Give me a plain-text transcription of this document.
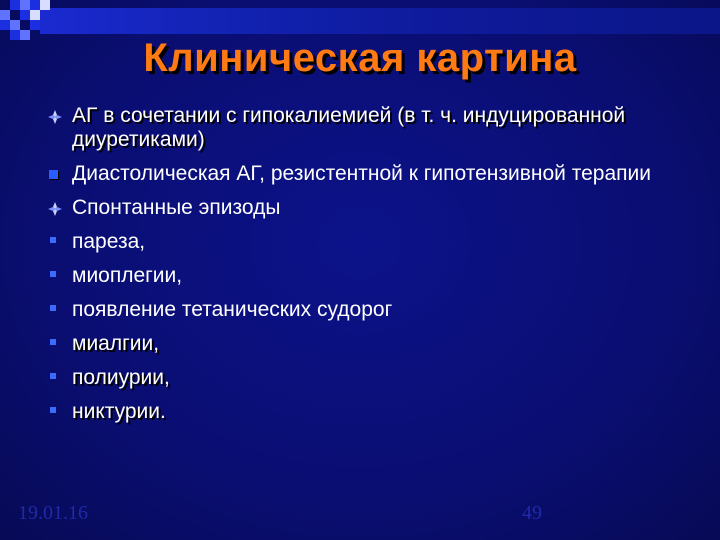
Клиническая картина
АГ в сочетании с гипокалиемией (в т. ч. индуцированной диуретиками)
Диастолическая АГ, резистентной к гипотензивной терапии
Спонтанные эпизоды
пареза,
миоплегии,
появление тетанических судорог
миалгии,
полиурии,
никтурии.
19.01.16	49
